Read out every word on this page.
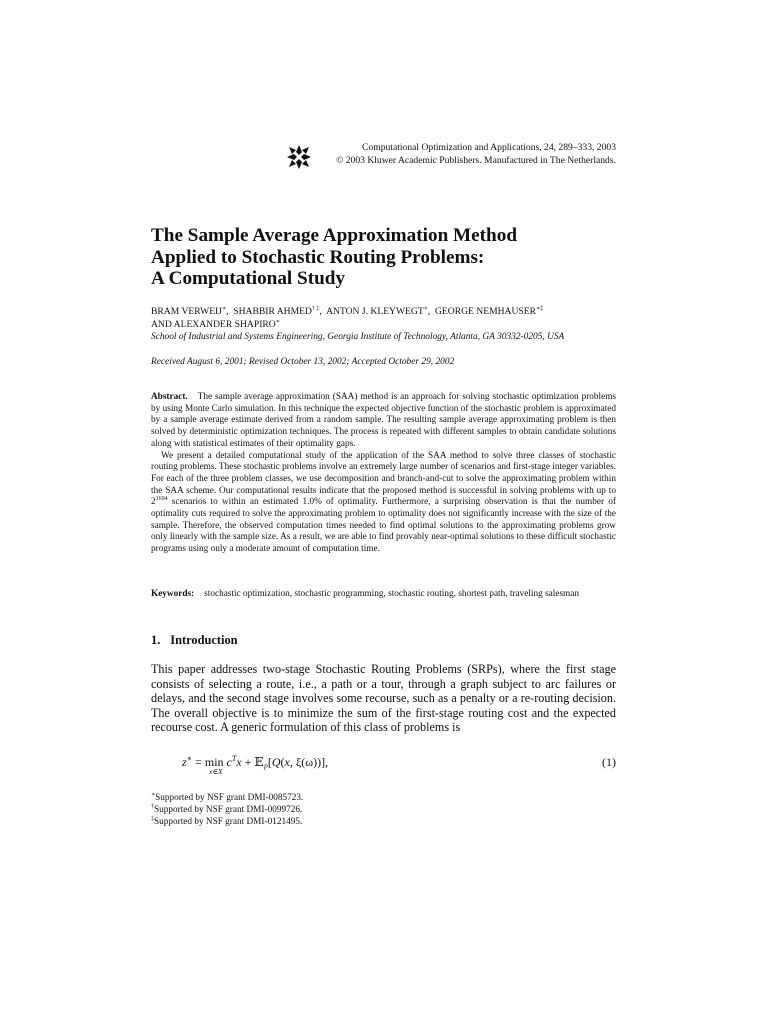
Computational Optimization and Applications, 24, 289–333, 2003
© 2003 Kluwer Academic Publishers. Manufactured in The Netherlands.
The Sample Average Approximation Method
Applied to Stochastic Routing Problems:
A Computational Study
BRAM VERWEIJ∗,  SHABBIR AHMED† ‡,  ANTON J. KLEYWEGT∗,  GEORGE NEMHAUSER∗‡
AND ALEXANDER SHAPIRO∗
School of Industrial and Systems Engineering, Georgia Institute of Technology, Atlanta, GA 30332-0205, USA
Received August 6, 2001; Revised October 13, 2002; Accepted October 29, 2002

Abstract. The sample average approximation (SAA) method is an approach for solving stochastic optimization problems by using Monte Carlo simulation. In this technique the expected objective function of the stochastic problem is approximated by a sample average estimate derived from a random sample. The resulting sample average approximating problem is then solved by deterministic optimization techniques. The process is repeated with different samples to obtain candidate solutions along with statistical estimates of their optimality gaps.

We present a detailed computational study of the application of the SAA method to solve three classes of stochastic routing problems. These stochastic problems involve an extremely large number of scenarios and first-stage integer variables. For each of the three problem classes, we use decomposition and branch-and-cut to solve the approximating problem within the SAA scheme. Our computational results indicate that the proposed method is successful in solving problems with up to $2^{1694}$ scenarios to within an estimated 1.0% of optimality. Furthermore, a surprising observation is that the number of optimality cuts required to solve the approximating problem to optimality does not significantly increase with the size of the sample. Therefore, the observed computation times needed to find optimal solutions to the approximating problems grow only linearly with the sample size. As a result, we are able to find provably near-optimal solutions to these difficult stochastic programs using only a moderate amount of computation time.

Keywords: stochastic optimization, stochastic programming, stochastic routing, shortest path, traveling salesman
1. Introduction
This paper addresses two-stage Stochastic Routing Problems (SRPs), where the first stage consists of selecting a route, i.e., a path or a tour, through a graph subject to arc failures or delays, and the second stage involves some recourse, such as a penalty or a re-routing decision. The overall objective is to minimize the sum of the first-stage routing cost and the expected recourse cost. A generic formulation of this class of problems is
$z^∗ = \min c^Tx$ + 𝔼$_P$[Q(x, ξ(ω))],
x∈X
(1)
∗Supported by NSF grant DMI-0085723.
†Supported by NSF grant DMI-0099726.
‡Supported by NSF grant DMI-0121495.
